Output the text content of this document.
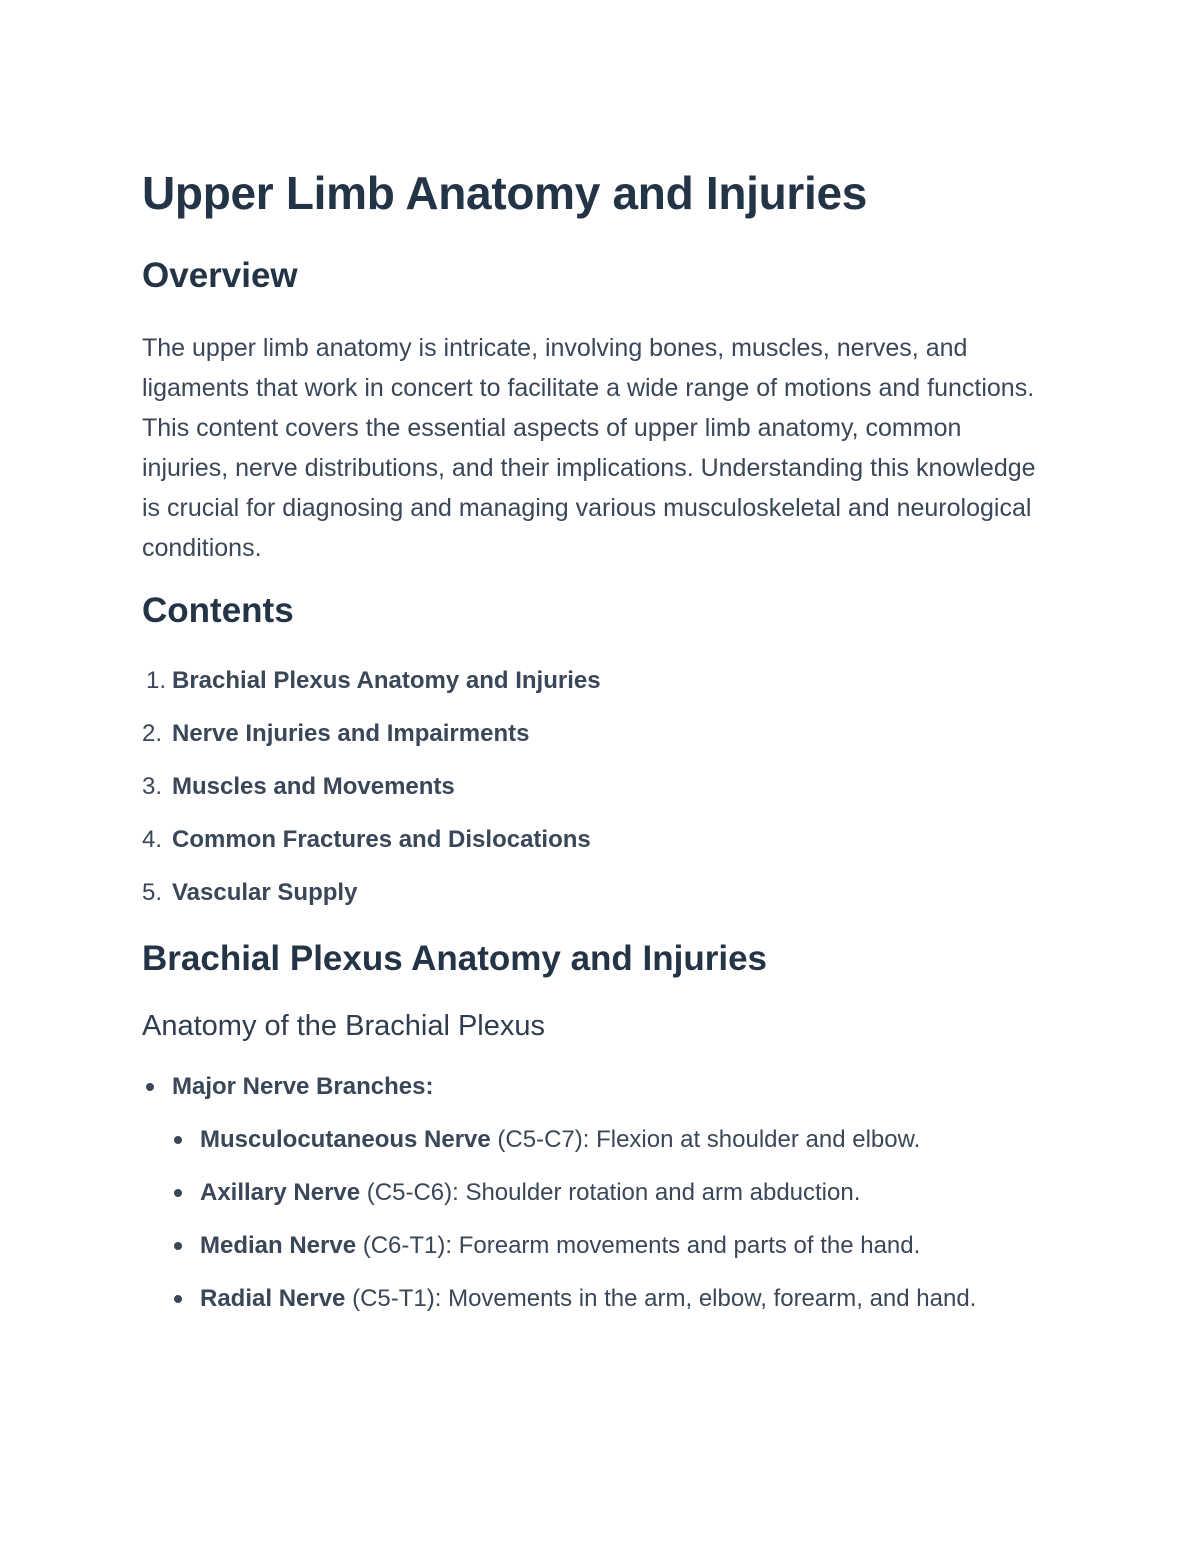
Upper Limb Anatomy and Injuries
Overview

The upper limb anatomy is intricate, involving bones, muscles, nerves, and ligaments that work in concert to facilitate a wide range of motions and functions. This content covers the essential aspects of upper limb anatomy, common injuries, nerve distributions, and their implications. Understanding this knowledge is crucial for diagnosing and managing various musculoskeletal and neurological conditions.

Contents
1. Brachial Plexus Anatomy and Injuries
2. Nerve Injuries and Impairments
3. Muscles and Movements
4. Common Fractures and Dislocations
5. Vascular Supply
Brachial Plexus Anatomy and Injuries
Anatomy of the Brachial Plexus
Major Nerve Branches:
Musculocutaneous Nerve (C5-C7): Flexion at shoulder and elbow.
Axillary Nerve (C5-C6): Shoulder rotation and arm abduction.
Median Nerve (C6-T1): Forearm movements and parts of the hand.
Radial Nerve (C5-T1): Movements in the arm, elbow, forearm, and hand.
